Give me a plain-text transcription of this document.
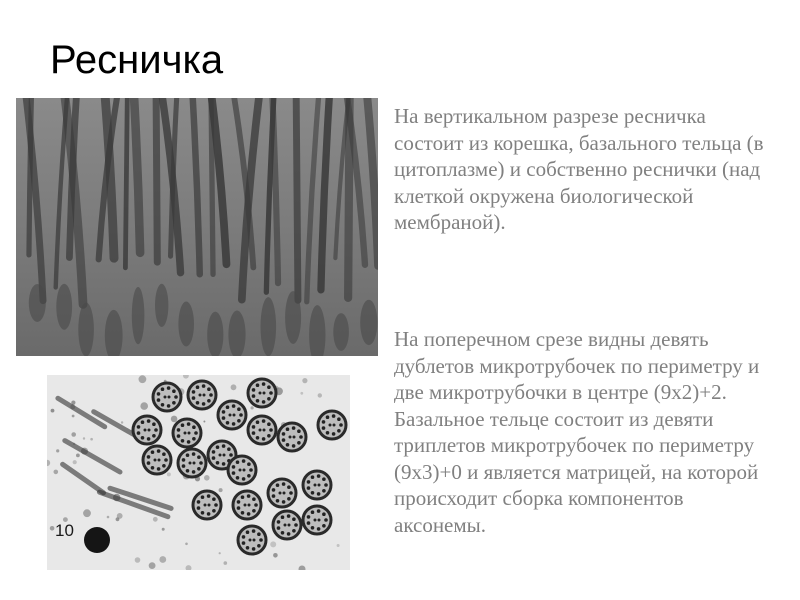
Ресничка
10
На вертикальном разрезе ресничка состоит из корешка, базального тельца (в цитоплазме) и собственно реснички (над клеткой окружена биологической мембраной).
На поперечном срезе видны девять дублетов микротрубочек по периметру и две микротрубочки в центре (9х2)+2. Базальное тельце состоит из девяти триплетов микротрубочек по периметру (9х3)+0 и является матрицей, на которой происходит сборка компонентов аксонемы.
